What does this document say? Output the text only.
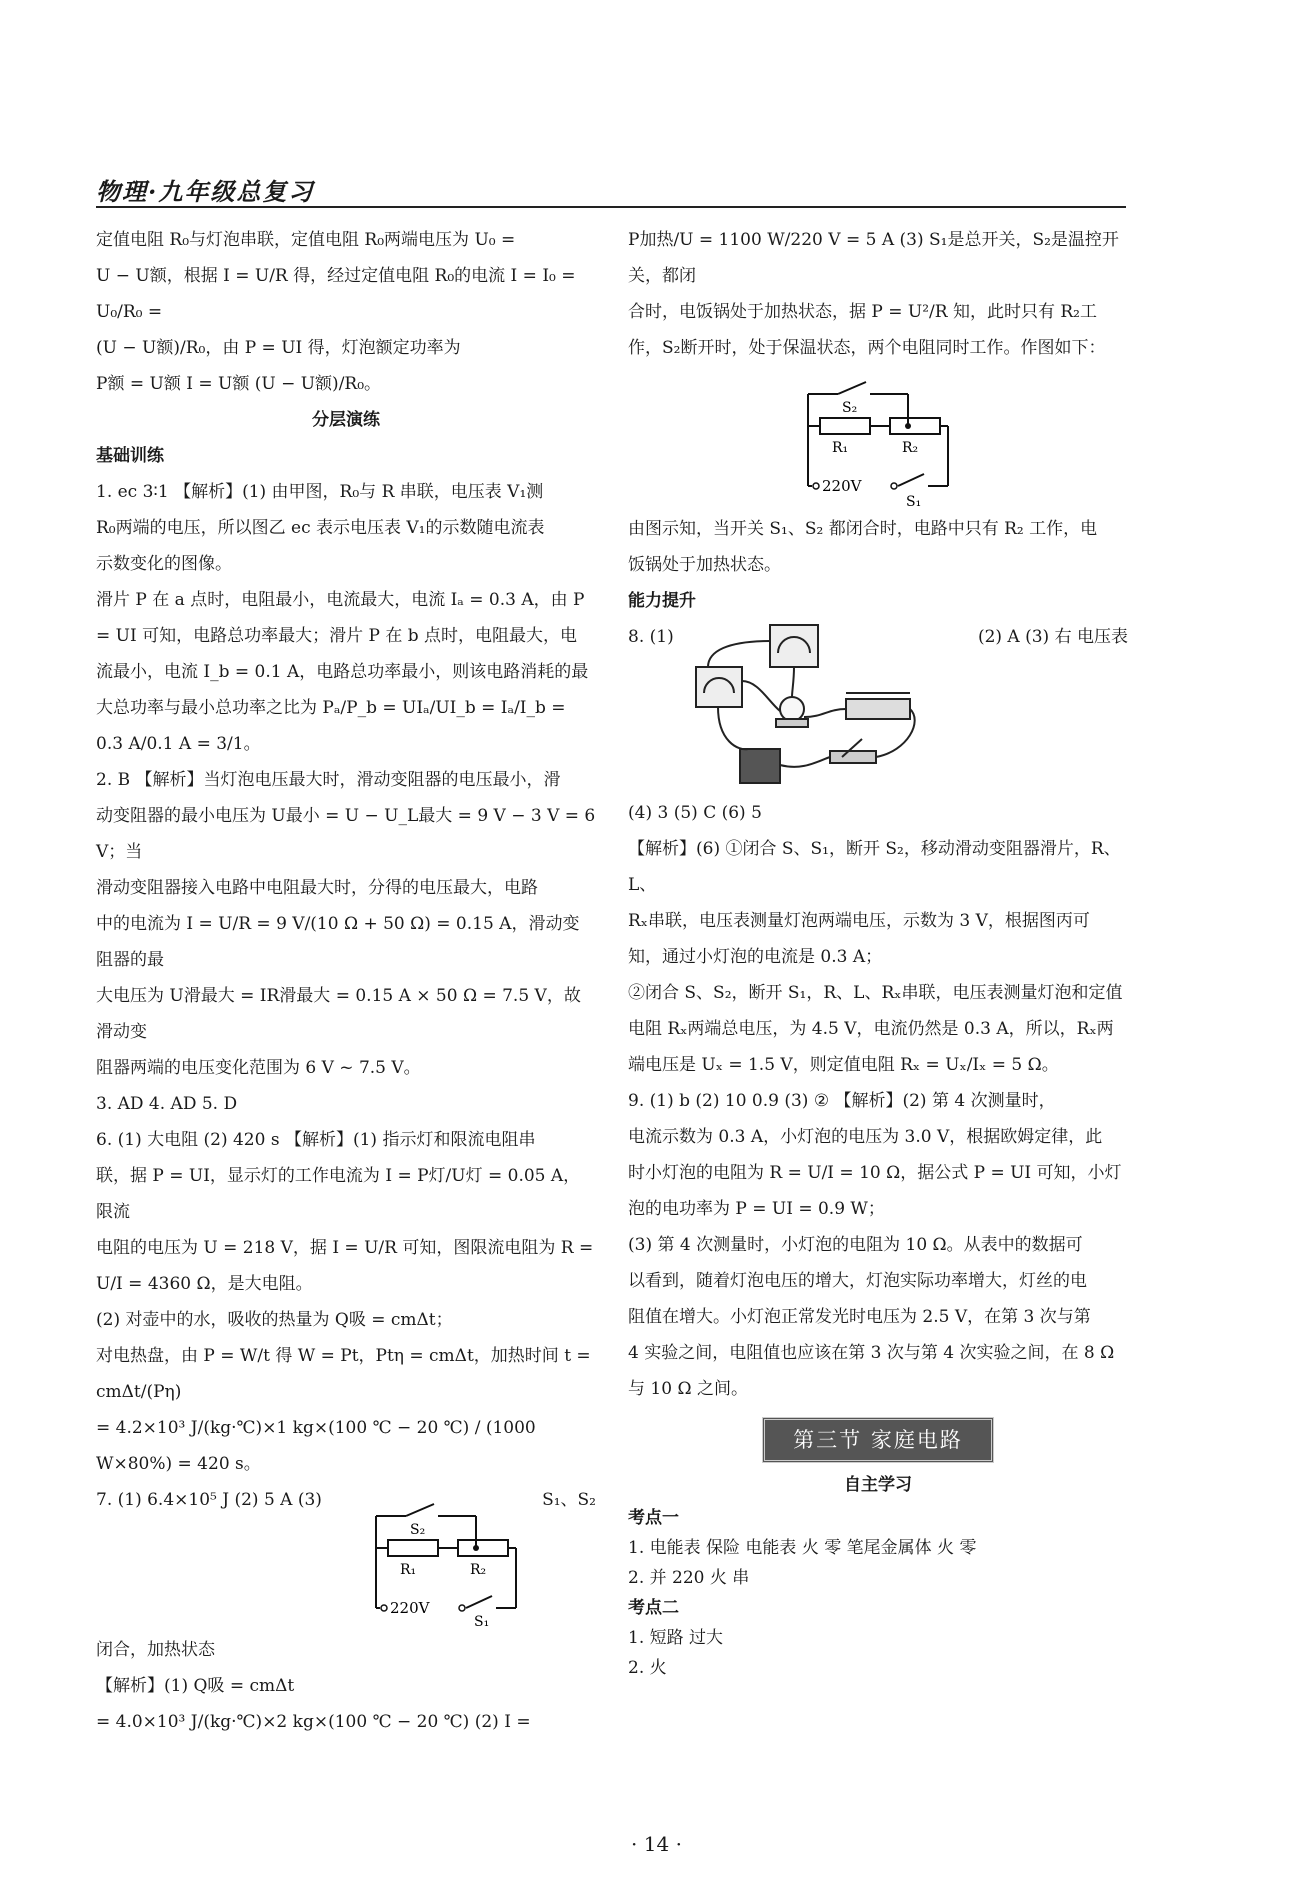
物理·九年级总复习

定值电阻 R₀与灯泡串联，定值电阻 R₀两端电压为 U₀ =

U − U额，根据 I = U/R 得，经过定值电阻 R₀的电流 I = I₀ = U₀/R₀ =

(U − U额)/R₀，由 P = UI 得，灯泡额定功率为

P额 = U额 I = U额 (U − U额)/R₀。

分层演练

基础训练

1. ec 3∶1 【解析】(1) 由甲图，R₀与 R 串联，电压表 V₁测

R₀两端的电压，所以图乙 ec 表示电压表 V₁的示数随电流表

示数变化的图像。

滑片 P 在 a 点时，电阻最小，电流最大，电流 Iₐ = 0.3 A，由 P

= UI 可知，电路总功率最大；滑片 P 在 b 点时，电阻最大，电

流最小，电流 I_b = 0.1 A，电路总功率最小，则该电路消耗的最

大总功率与最小总功率之比为 Pₐ/P_b = UIₐ/UI_b = Iₐ/I_b = 0.3 A/0.1 A = 3/1。

2. B 【解析】当灯泡电压最大时，滑动变阻器的电压最小，滑

动变阻器的最小电压为 U最小 = U − U_L最大 = 9 V − 3 V = 6 V；当

滑动变阻器接入电路中电阻最大时，分得的电压最大，电路

中的电流为 I = U/R = 9 V/(10 Ω + 50 Ω) = 0.15 A，滑动变阻器的最

大电压为 U滑最大 = IR滑最大 = 0.15 A × 50 Ω = 7.5 V，故滑动变

阻器两端的电压变化范围为 6 V ~ 7.5 V。

3. AD 4. AD 5. D

6. (1) 大电阻 (2) 420 s 【解析】(1) 指示灯和限流电阻串

联，据 P = UI，显示灯的工作电流为 I = P灯/U灯 = 0.05 A，限流

电阻的电压为 U = 218 V，据 I = U/R 可知，图限流电阻为 R =

U/I = 4360 Ω，是大电阻。

(2) 对壶中的水，吸收的热量为 Q吸 = cmΔt；

对电热盘，由 P = W/t 得 W = Pt，Ptη = cmΔt，加热时间 t = cmΔt/(Pη)

= 4.2×10³ J/(kg·℃)×1 kg×(100 ℃ − 20 ℃) / (1000 W×80%) = 420 s。

7. (1) 6.4×10⁵ J (2) 5 A (3)	S₁、S₂
S₂
R₁	R₂
220V
S₁

闭合，加热状态

【解析】(1) Q吸 = cmΔt

= 4.0×10³ J/(kg·℃)×2 kg×(100 ℃ − 20 ℃) (2) I =

P加热/U = 1100 W/220 V = 5 A (3) S₁是总开关，S₂是温控开关，都闭

合时，电饭锅处于加热状态，据 P = U²/R 知，此时只有 R₂工

作，S₂断开时，处于保温状态，两个电阻同时工作。作图如下：

S₂
R₁	R₂
220V
S₁

由图示知，当开关 S₁、S₂ 都闭合时，电路中只有 R₂ 工作，电

饭锅处于加热状态。

能力提升

8. (1)	(2) A (3) 右 电压表

(4) 3 (5) C (6) 5

【解析】(6) ①闭合 S、S₁，断开 S₂，移动滑动变阻器滑片，R、L、

Rₓ串联，电压表测量灯泡两端电压，示数为 3 V，根据图丙可

知，通过小灯泡的电流是 0.3 A；

②闭合 S、S₂，断开 S₁，R、L、Rₓ串联，电压表测量灯泡和定值

电阻 Rₓ两端总电压，为 4.5 V，电流仍然是 0.3 A，所以，Rₓ两

端电压是 Uₓ = 1.5 V，则定值电阻 Rₓ = Uₓ/Iₓ = 5 Ω。

9. (1) b (2) 10 0.9 (3) ② 【解析】(2) 第 4 次测量时，

电流示数为 0.3 A，小灯泡的电压为 3.0 V，根据欧姆定律，此

时小灯泡的电阻为 R = U/I = 10 Ω，据公式 P = UI 可知，小灯

泡的电功率为 P = UI = 0.9 W；

(3) 第 4 次测量时，小灯泡的电阻为 10 Ω。从表中的数据可

以看到，随着灯泡电压的增大，灯泡实际功率增大，灯丝的电

阻值在增大。小灯泡正常发光时电压为 2.5 V，在第 3 次与第

4 实验之间，电阻值也应该在第 3 次与第 4 次实验之间，在 8 Ω

与 10 Ω 之间。

第三节 家庭电路

自主学习

考点一

1. 电能表 保险 电能表 火 零 笔尾金属体 火 零

2. 并 220 火 串

考点二

1. 短路 过大

2. 火

· 14 ·
